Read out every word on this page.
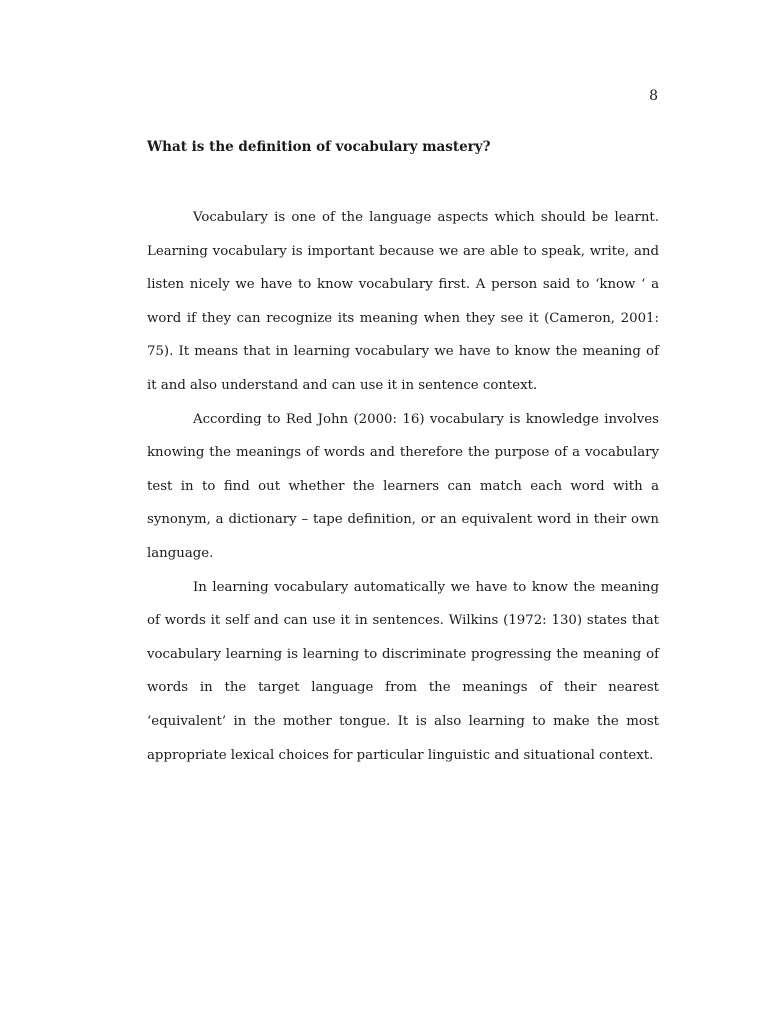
8
What is the definition of vocabulary mastery?

Vocabulary is one of the language aspects which should be learnt. Learning vocabulary is important because we are able to speak, write, and listen nicely we have to know vocabulary first. A person said to ‘know ‘ a word if they can recognize its meaning when they see it (Cameron, 2001: 75). It means that in learning vocabulary we have to know the meaning of it and also understand and can use it in sentence context.

According to Red John (2000: 16) vocabulary is knowledge involves knowing the meanings of words and therefore the purpose of a vocabulary test in to find out whether the learners can match each word with a synonym, a dictionary – tape definition, or an equivalent word in their own language.

In learning vocabulary automatically we have to know the meaning of words it self and can use it in sentences. Wilkins (1972: 130) states that vocabulary learning is learning to discriminate progressing the meaning of words in the target language from the meanings of their nearest ‘equivalent’ in the mother tongue. It is also learning to make the most appropriate lexical choices for particular linguistic and situational context.
